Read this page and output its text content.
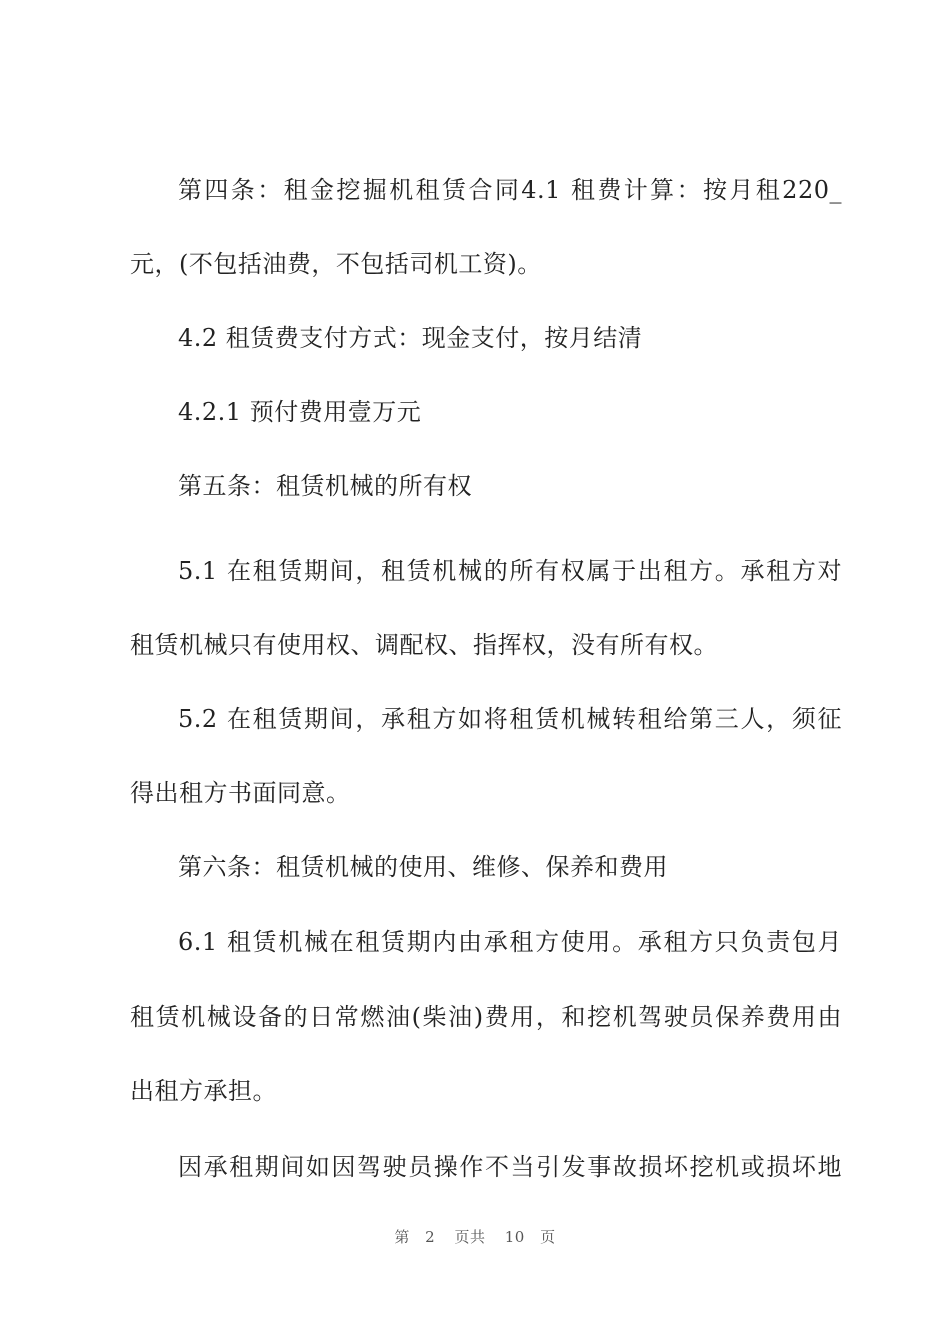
第四条：租金挖掘机租赁合同4.1 租费计算：按月租220_
元，(不包括油费，不包括司机工资)。
4.2 租赁费支付方式：现金支付，按月结清
4.2.1 预付费用壹万元
第五条：租赁机械的所有权
5.1 在租赁期间，租赁机械的所有权属于出租方。承租方对
租赁机械只有使用权、调配权、指挥权，没有所有权。
5.2 在租赁期间，承租方如将租赁机械转租给第三人，须征
得出租方书面同意。
第六条：租赁机械的使用、维修、保养和费用
6.1 租赁机械在租赁期内由承租方使用。承租方只负责包月
租赁机械设备的日常燃油(柴油)费用，和挖机驾驶员保养费用由
出租方承担。
因承租期间如因驾驶员操作不当引发事故损坏挖机或损坏地
第 2 页共 10 页
